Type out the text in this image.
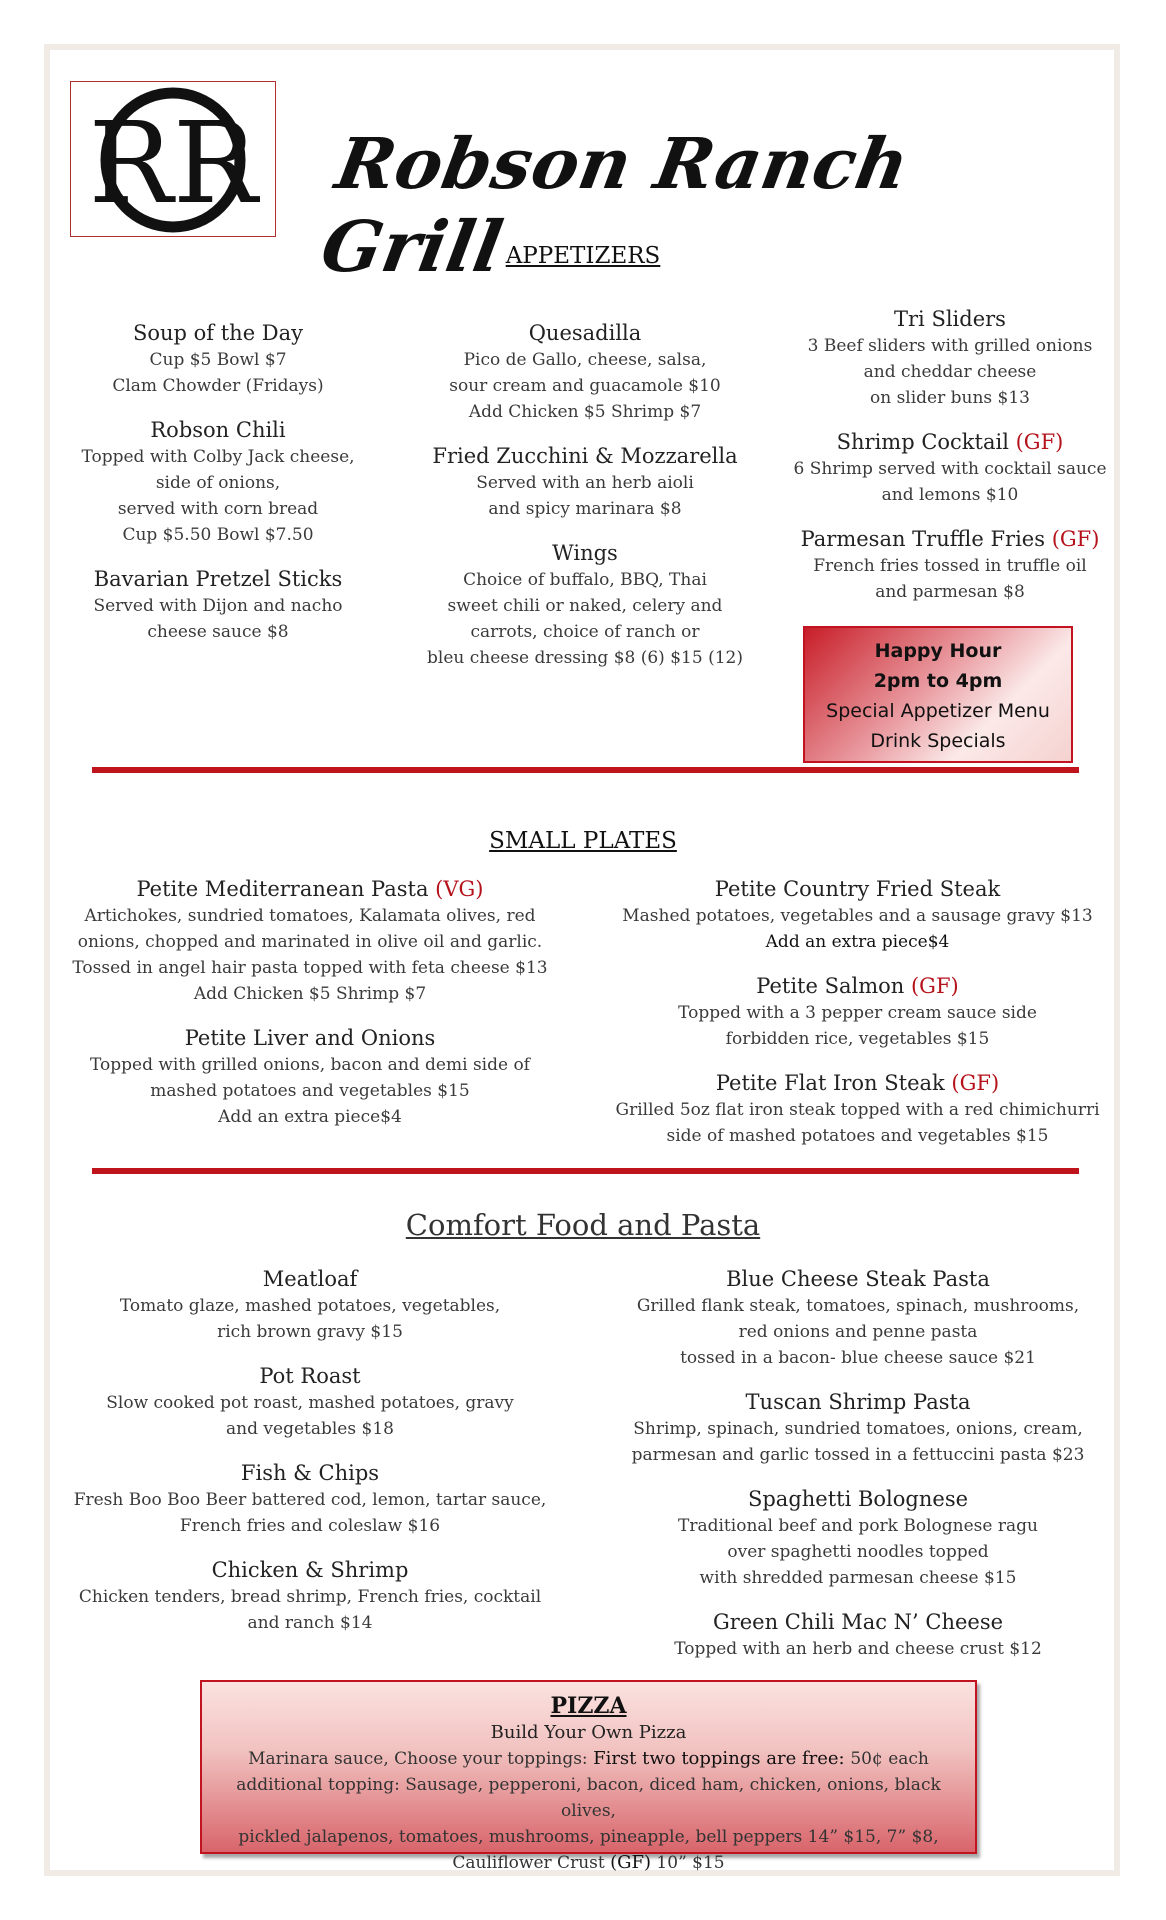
RR Robson Ranch Grill
APPETIZERS
Soup of the Day
Cup $5 Bowl $7
Clam Chowder (Fridays)
Robson Chili
Topped with Colby Jack cheese,
side of onions,
served with corn bread
Cup $5.50 Bowl $7.50
Bavarian Pretzel Sticks
Served with Dijon and nacho
cheese sauce $8
Quesadilla
Pico de Gallo, cheese, salsa,
sour cream and guacamole $10
Add Chicken $5 Shrimp $7
Fried Zucchini & Mozzarella
Served with an herb aioli
and spicy marinara $8
Wings
Choice of buffalo, BBQ, Thai
sweet chili or naked, celery and
carrots, choice of ranch or
bleu cheese dressing $8 (6) $15 (12)
Tri Sliders
3 Beef sliders with grilled onions
and cheddar cheese
on slider buns $13
Shrimp Cocktail (GF)
6 Shrimp served with cocktail sauce
and lemons $10
Parmesan Truffle Fries (GF)
French fries tossed in truffle oil
and parmesan $8
Happy Hour
2pm to 4pm
Special Appetizer Menu
Drink Specials
SMALL PLATES
Petite Mediterranean Pasta (VG)
Artichokes, sundried tomatoes, Kalamata olives, red
onions, chopped and marinated in olive oil and garlic.
Tossed in angel hair pasta topped with feta cheese $13
Add Chicken $5 Shrimp $7
Petite Liver and Onions
Topped with grilled onions, bacon and demi side of
mashed potatoes and vegetables $15
Add an extra piece$4
Petite Country Fried Steak
Mashed potatoes, vegetables and a sausage gravy $13
Add an extra piece$4
Petite Salmon (GF)
Topped with a 3 pepper cream sauce side
forbidden rice, vegetables $15
Petite Flat Iron Steak (GF)
Grilled 5oz flat iron steak topped with a red chimichurri
side of mashed potatoes and vegetables $15
Comfort Food and Pasta
Meatloaf
Tomato glaze, mashed potatoes, vegetables,
rich brown gravy $15
Pot Roast
Slow cooked pot roast, mashed potatoes, gravy
and vegetables $18
Fish & Chips
Fresh Boo Boo Beer battered cod, lemon, tartar sauce,
French fries and coleslaw $16
Chicken & Shrimp
Chicken tenders, bread shrimp, French fries, cocktail
and ranch $14
Blue Cheese Steak Pasta
Grilled flank steak, tomatoes, spinach, mushrooms,
red onions and penne pasta
tossed in a bacon- blue cheese sauce $21
Tuscan Shrimp Pasta
Shrimp, spinach, sundried tomatoes, onions, cream,
parmesan and garlic tossed in a fettuccini pasta $23
Spaghetti Bolognese
Traditional beef and pork Bolognese ragu
over spaghetti noodles topped
with shredded parmesan cheese $15
Green Chili Mac N’ Cheese
Topped with an herb and cheese crust $12
PIZZA
Build Your Own Pizza
Marinara sauce, Choose your toppings: First two toppings are free: 50¢ each
additional topping: Sausage, pepperoni, bacon, diced ham, chicken, onions, black olives,
pickled jalapenos, tomatoes, mushrooms, pineapple, bell peppers 14” $15, 7” $8,
Cauliflower Crust (GF) 10” $15
